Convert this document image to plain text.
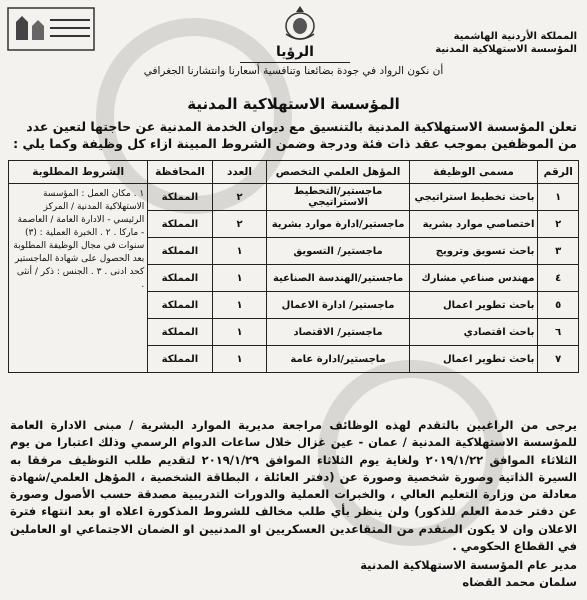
المملكة الأردنية الهاشمية
المؤسسة الاستهلاكية المدنية
الرؤيا
أن نكون الرواد في جودة بضائعنا وتنافسية أسعارنا وانتشارنا الجغرافي
المؤسسة الاستهلاكية المدنية
تعلن المؤسسة الاستهلاكية المدنية بالتنسيق مع ديوان الخدمة المدنية عن حاجتها لتعين عدد من الموظفين بموجب عقد ذات فئة ودرجة وضمن الشروط المبينة ازاء كل وظيفة وكما يلي :
الرقم	مسمى الوظيفة	المؤهل العلمي التخصص	العدد	المحافظة	الشروط المطلوبة
١	باحث تخطيط استراتيجي	ماجستير/التخطيط الاستراتيجي	٢	المملكة	١ . مكان العمل : المؤسسة الاستهلاكية المدنية / المركز الرئيسي - الادارة العامة / العاصمة - ماركا . ٢ . الخبرة العملية : (٣) سنوات في مجال الوظيفة المطلوبة بعد الحصول على شهادة الماجستير كحد ادنى . ٣ . الجنس : ذكر / أنثى .
٢	اختصاصي موارد بشرية	ماجستير/ادارة موارد بشرية	٢	المملكة	
٣	باحث تسويق وترويج	ماجستير/ التسويق	١	المملكة	
٤	مهندس صناعي مشارك	ماجستير/الهندسة الصناعية	١	المملكة	
٥	باحث تطوير اعمال	ماجستير/ ادارة الاعمال	١	المملكة	
٦	باحث اقتصادي	ماجستير/ الاقتصاد	١	المملكة	
٧	باحث تطوير اعمال	ماجستير/ادارة عامة	١	المملكة	
يرجى من الراغبين بالتقدم لهذه الوظائف مراجعة مديرية الموارد البشرية / مبنى الادارة العامة للمؤسسة الاستهلاكية المدنية / عمان - عين غزال خلال ساعات الدوام الرسمي وذلك اعتبارا من يوم الثلاثاء الموافق ٢٠١٩/١/٢٢ ولغاية يوم الثلاثاء الموافق ٢٠١٩/١/٢٩ لتقديم طلب التوظيف مرفقا به السيرة الذاتية وصورة شخصية وصورة عن (دفتر العائلة ، البطاقة الشخصية ، المؤهل العلمي/شهادة معادلة من وزارة التعليم العالي ، والخبرات العملية والدورات التدريبية مصدقة حسب الأصول وصورة عن دفتر خدمة العلم للذكور) ولن ينظر بأي طلب مخالف للشروط المذكورة اعلاه او بعد انتهاء فترة الاعلان وان لا يكون المتقدم من المتقاعدين العسكريين او المدنيين او الضمان الاجتماعي او العاملين في القطاع الحكومي .
مدير عام المؤسسة الاستهلاكية المدنية
سلمان محمد القضاه
